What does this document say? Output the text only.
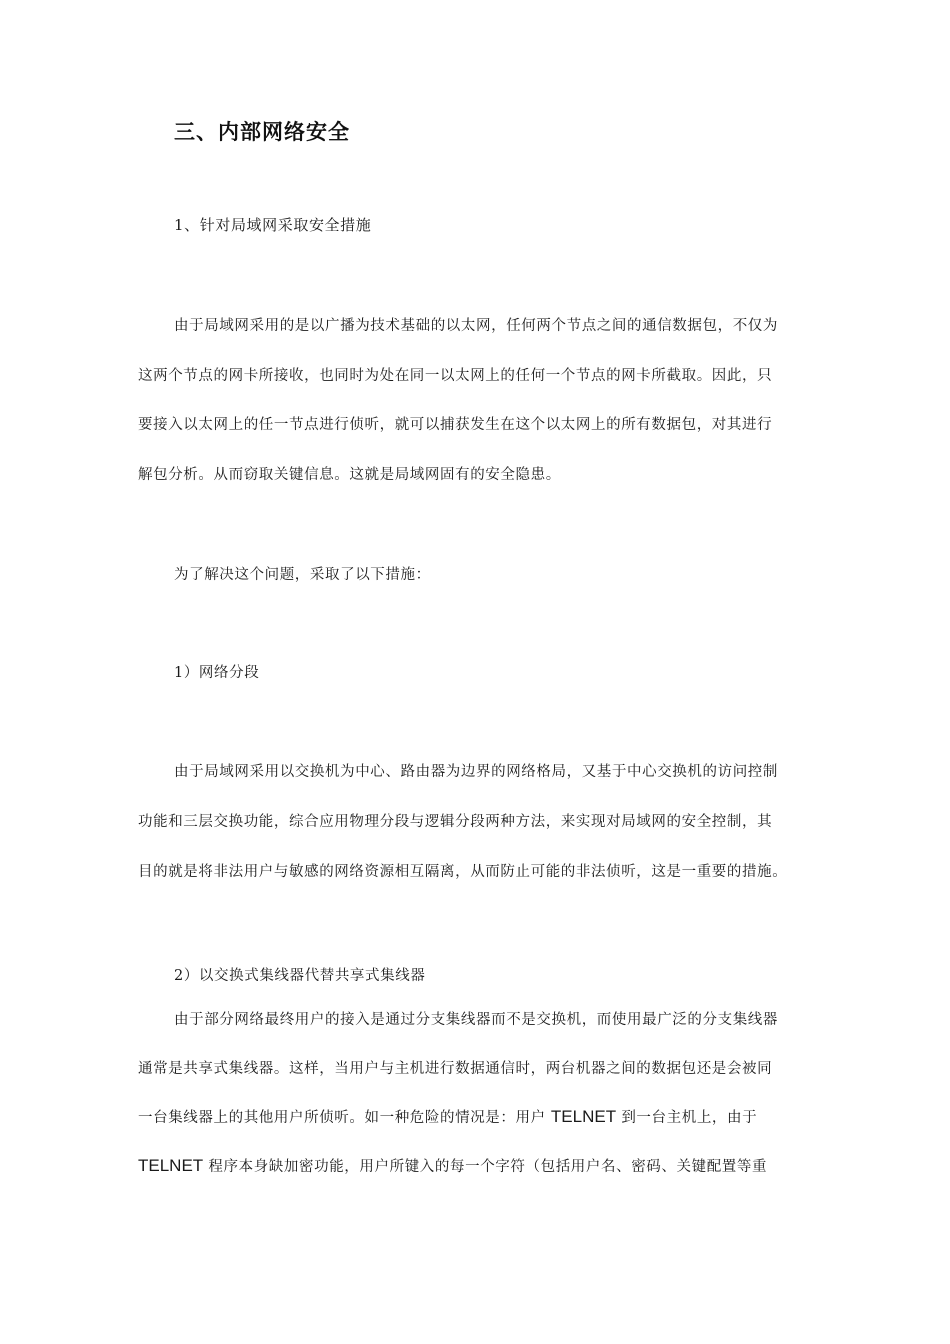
三、内部网络安全
1、针对局域网采取安全措施
由于局域网采用的是以广播为技术基础的以太网，任何两个节点之间的通信数据包，不仅为
这两个节点的网卡所接收，也同时为处在同一以太网上的任何一个节点的网卡所截取。因此，只
要接入以太网上的任一节点进行侦听，就可以捕获发生在这个以太网上的所有数据包，对其进行
解包分析。从而窃取关键信息。这就是局域网固有的安全隐患。
为了解决这个问题，采取了以下措施：
1）网络分段
由于局域网采用以交换机为中心、路由器为边界的网络格局，又基于中心交换机的访问控制
功能和三层交换功能，综合应用物理分段与逻辑分段两种方法，来实现对局域网的安全控制，其
目的就是将非法用户与敏感的网络资源相互隔离，从而防止可能的非法侦听，这是一重要的措施。
2）以交换式集线器代替共享式集线器
由于部分网络最终用户的接入是通过分支集线器而不是交换机，而使用最广泛的分支集线器
通常是共享式集线器。这样，当用户与主机进行数据通信时，两台机器之间的数据包还是会被同
一台集线器上的其他用户所侦听。如一种危险的情况是：用户 TELNET 到一台主机上，由于
TELNET 程序本身缺加密功能，用户所键入的每一个字符（包括用户名、密码、关键配置等重
